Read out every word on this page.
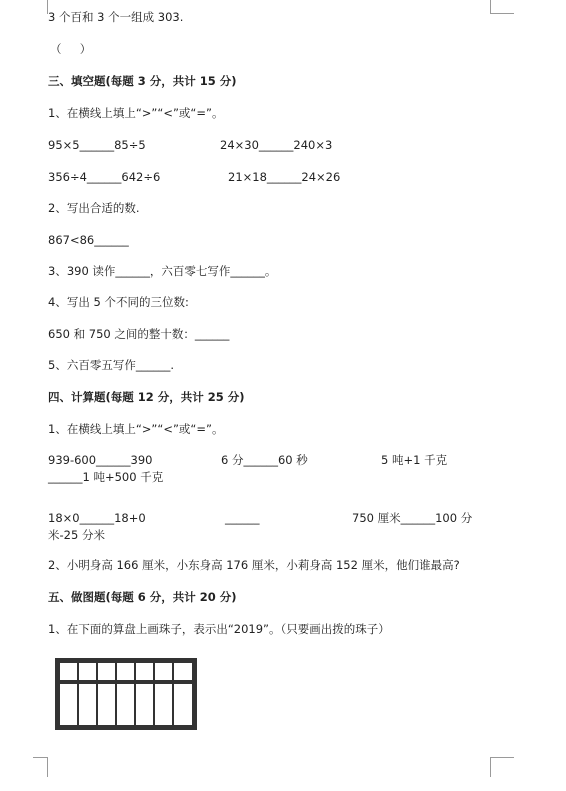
3 个百和 3 个一组成 303.
（     ）
三、填空题(每题 3 分，共计 15 分)
1、在横线上填上“>”“<”或“=”。
95×5______85÷5	24×30______240×3
356÷4______642÷6	21×18______24×26
2、写出合适的数.
867<86______
3、390 读作______，六百零七写作______。
4、写出 5 个不同的三位数:
650 和 750 之间的整十数：______
5、六百零五写作______.
四、计算题(每题 12 分，共计 25 分)
1、在横线上填上“>”“<”或“=”。
939-600______390	6 分______60 秒	5 吨+1 千克
______1 吨+500 千克
18×0______18+0	______	750 厘米______100 分
米-25 分米
2、小明身高 166 厘米，小东身高 176 厘米，小莉身高 152 厘米，他们谁最高?
五、做图题(每题 6 分，共计 20 分)
1、在下面的算盘上画珠子，表示出“2019”。（只要画出拨的珠子）
